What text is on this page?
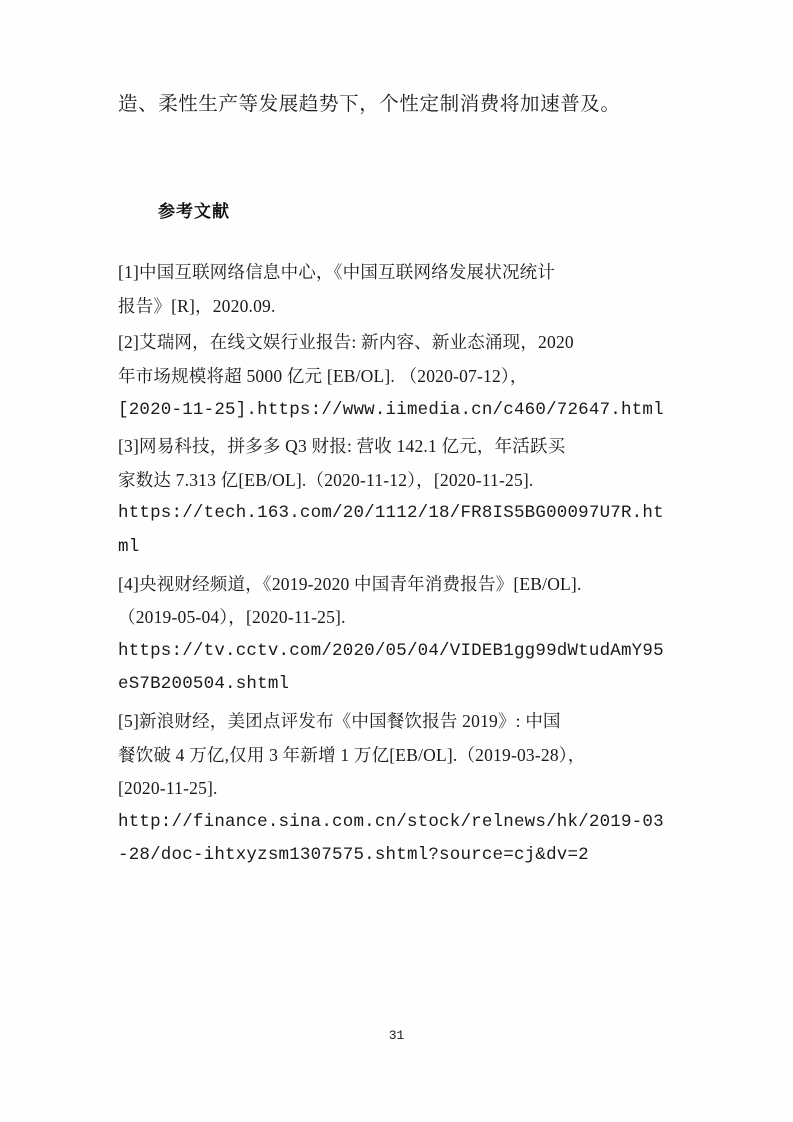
造、柔性生产等发展趋势下，个性定制消费将加速普及。

参考文献
[1]中国互联网络信息中心，《中国互联网络发展状况统计
报告》[R]，2020.09.
[2]艾瑞网，在线文娱行业报告: 新内容、新业态涌现，2020
年市场规模将超 5000 亿元 [EB/OL]. （2020-07-12），
[2020-11-25].https://www.iimedia.cn/c460/72647.html
[3]网易科技，拼多多 Q3 财报: 营收 142.1 亿元，年活跃买
家数达 7.313 亿[EB/OL].（2020-11-12），[2020-11-25].
https://tech.163.com/20/1112/18/FR8IS5BG00097U7R.ht
ml
[4]央视财经频道，《2019-2020 中国青年消费报告》[EB/OL].
（2019-05-04），[2020-11-25].
https://tv.cctv.com/2020/05/04/VIDEB1gg99dWtudAmY95
eS7B200504.shtml
[5]新浪财经，美团点评发布《中国餐饮报告 2019》: 中国
餐饮破 4 万亿,仅用 3 年新增 1 万亿[EB/OL].（2019-03-28），
[2020-11-25].
http://finance.sina.com.cn/stock/relnews/hk/2019-03
-28/doc-ihtxyzsm1307575.shtml?source=cj&dv=2
31
